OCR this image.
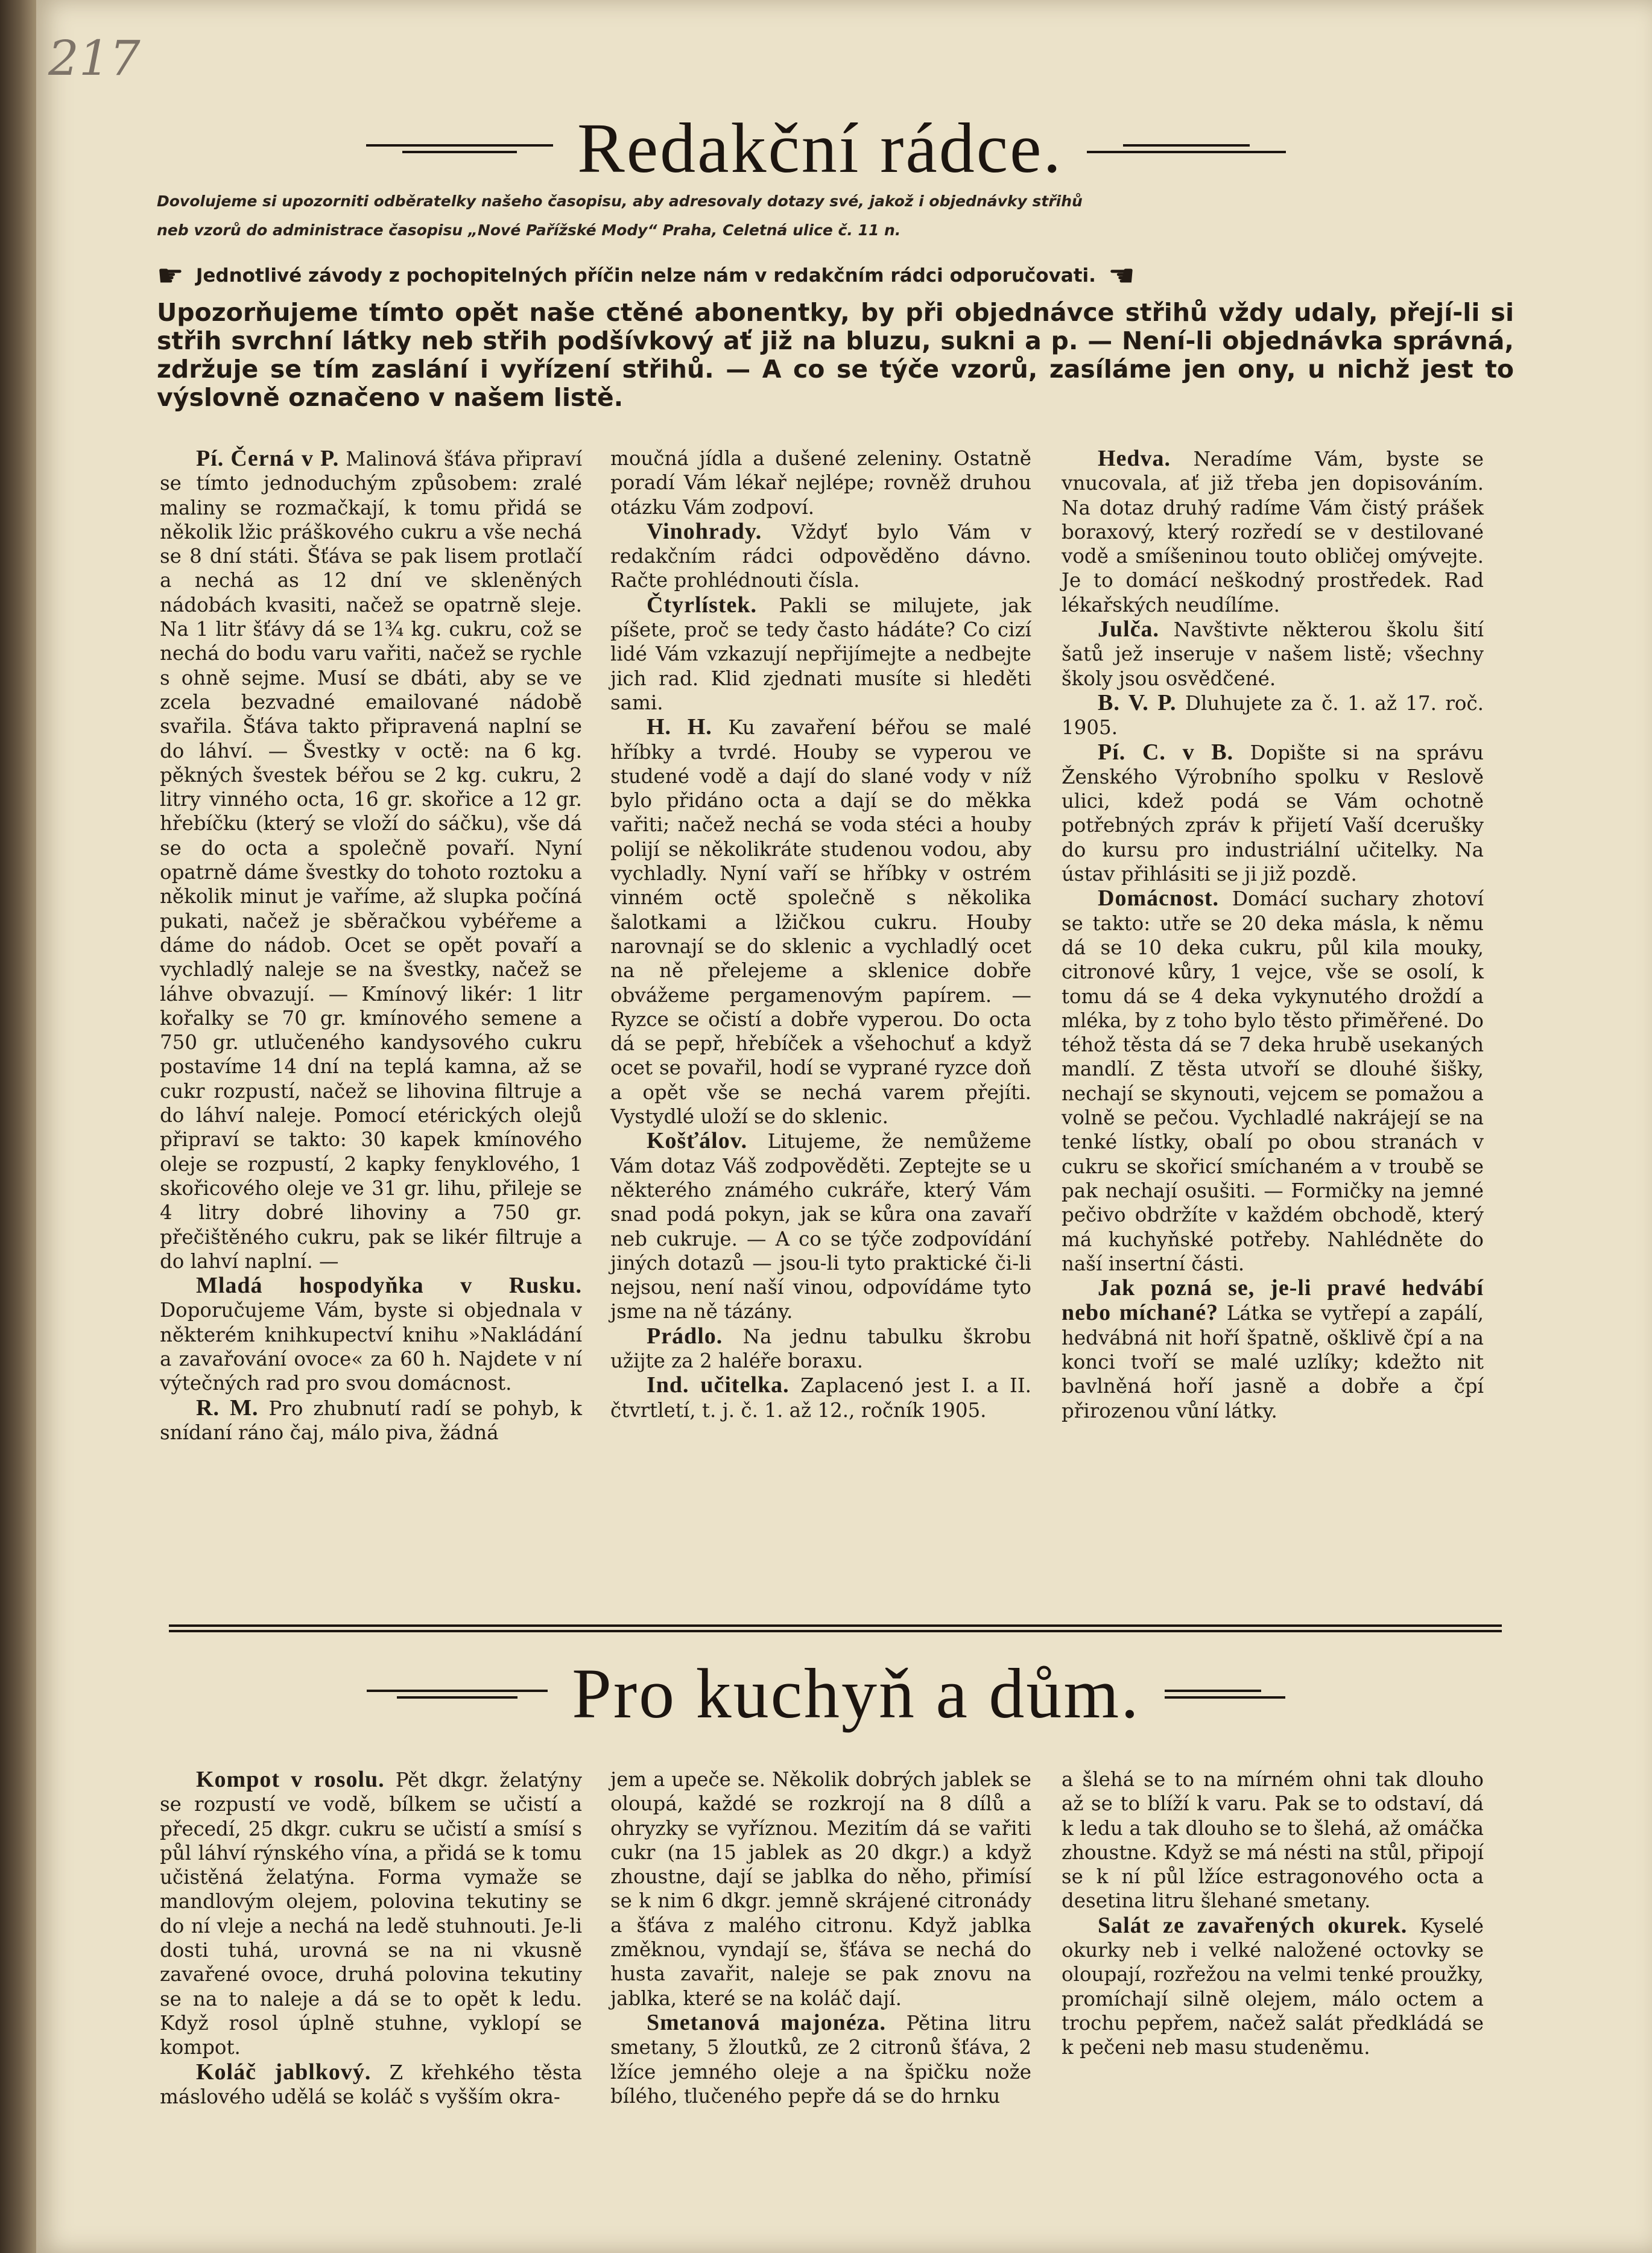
217
Redakční rádce.
Dovolujeme si upozorniti odběratelky našeho časopisu, aby adresovaly dotazy své, jakož i objednávky střihů
neb vzorů do administrace časopisu „Nové Pařížské Mody“ Praha, Celetná ulice č. 11 n.
☛ Jednotlivé závody z pochopitelných příčin nelze nám v redakčním rádci odporučovati. ☛
Upozorňujeme tímto opět naše ctěné abonentky, by při objednávce střihů vždy udaly, přejí-li si střih svrchní látky neb střih podšívkový ať již na bluzu, sukni a p. — Není-li objednávka správná, zdržuje se tím zaslání i vyřízení střihů. — A co se týče vzorů, zasíláme jen ony, u nichž jest to výslovně označeno v našem listě.

Pí. Černá v P. Malinová šťáva připraví se tímto jednoduchým způsobem: zralé maliny se rozmačkají, k tomu přidá se několik lžic práškového cukru a vše nechá se 8 dní státi. Šťáva se pak lisem protlačí a nechá as 12 dní ve skleněných nádobách kvasiti, načež se opatrně sleje. Na 1 litr šťávy dá se 1¾ kg. cukru, což se nechá do bodu varu vařiti, načež se rychle s ohně sejme. Musí se dbáti, aby se ve zcela bezvadné emailované nádobě svařila. Šťáva takto připravená naplní se do láhví. — Švestky v octě: na 6 kg. pěkných švestek béřou se 2 kg. cukru, 2 litry vinného octa, 16 gr. skořice a 12 gr. hřebíčku (který se vloží do sáčku), vše dá se do octa a společně povaří. Nyní opatrně dáme švestky do tohoto roztoku a několik minut je vaříme, až slupka počíná pukati, načež je sběračkou vybéřeme a dáme do nádob. Ocet se opět povaří a vychladlý naleje se na švestky, načež se láhve obvazují. — Kmínový likér: 1 litr kořalky se 70 gr. kmínového semene a 750 gr. utlučeného kandysového cukru postavíme 14 dní na teplá kamna, až se cukr rozpustí, načež se lihovina filtruje a do láhví naleje. Pomocí etérických olejů připraví se takto: 30 kapek kmínového oleje se rozpustí, 2 kapky fenyklového, 1 skořicového oleje ve 31 gr. lihu, přileje se 4 litry dobré lihoviny a 750 gr. přečištěného cukru, pak se likér filtruje a do lahví naplní. —

Mladá hospodyňka v Rusku. Doporučujeme Vám, byste si objednala v některém knihkupectví knihu »Nakládání a zavařování ovoce« za 60 h. Najdete v ní výtečných rad pro svou domácnost.

R. M. Pro zhubnutí radí se pohyb, k snídaní ráno čaj, málo piva, žádná

moučná jídla a dušené zeleniny. Ostatně poradí Vám lékař nejlépe; rovněž druhou otázku Vám zodpoví.

Vinohrady. Vždyť bylo Vám v redakčním rádci odpověděno dávno. Račte prohlédnouti čísla.

Čtyrlístek. Pakli se milujete, jak píšete, proč se tedy často hádáte? Co cizí lidé Vám vzkazují nepřijímejte a nedbejte jich rad. Klid zjednati musíte si hleděti sami.

H. H. Ku zavaření béřou se malé hříbky a tvrdé. Houby se vyperou ve studené vodě a dají do slané vody v níž bylo přidáno octa a dají se do měkka vařiti; načež nechá se voda stéci a houby polijí se několikráte studenou vodou, aby vychladly. Nyní vaří se hříbky v ostrém vinném octě společně s několika šalotkami a lžičkou cukru. Houby narovnají se do sklenic a vychladlý ocet na ně přelejeme a sklenice dobře obvážeme pergamenovým papírem. — Ryzce se očistí a dobře vyperou. Do octa dá se pepř, hřebíček a všehochuť a když ocet se povařil, hodí se vyprané ryzce doň a opět vše se nechá varem přejíti. Vystydlé uloží se do sklenic.

Košťálov. Litujeme, že nemůžeme Vám dotaz Váš zodpověděti. Zeptejte se u některého známého cukráře, který Vám snad podá pokyn, jak se kůra ona zavaří neb cukruje. — A co se týče zodpovídání jiných dotazů — jsou-li tyto praktické či-li nejsou, není naší vinou, odpovídáme tyto jsme na ně tázány.

Prádlo. Na jednu tabulku škrobu užijte za 2 haléře boraxu.

Ind. učitelka. Zaplacenó jest I. a II. čtvrtletí, t. j. č. 1. až 12., ročník 1905.

Hedva. Neradíme Vám, byste se vnucovala, ať již třeba jen dopisováním. Na dotaz druhý radíme Vám čistý prášek boraxový, který rozředí se v destilované vodě a smíšeninou touto obličej omývejte. Je to domácí neškodný prostředek. Rad lékařských neudílíme.

Julča. Navštivte některou školu šití šatů jež inseruje v našem listě; všechny školy jsou osvědčené.

B. V. P. Dluhujete za č. 1. až 17. roč. 1905.

Pí. C. v B. Dopište si na správu Ženského Výrobního spolku v Reslově ulici, kdež podá se Vám ochotně potřebných zpráv k přijetí Vaší dcerušky do kursu pro industriální učitelky. Na ústav přihlásiti se ji již pozdě.

Domácnost. Domácí suchary zhotoví se takto: utře se 20 deka másla, k němu dá se 10 deka cukru, půl kila mouky, citronové kůry, 1 vejce, vše se osolí, k tomu dá se 4 deka vykynutého droždí a mléka, by z toho bylo těsto přiměřené. Do téhož těsta dá se 7 deka hrubě usekaných mandlí. Z těsta utvoří se dlouhé šišky, nechají se skynouti, vejcem se pomažou a volně se pečou. Vychladlé nakrájejí se na tenké lístky, obalí po obou stranách v cukru se skořicí smíchaném a v troubě se pak nechají osušiti. — Formičky na jemné pečivo obdržíte v každém obchodě, který má kuchyňské potřeby. Nahlédněte do naší insertní části.

Jak pozná se, je-li pravé hedvábí nebo míchané? Látka se vytřepí a zapálí, hedvábná nit hoří špatně, ošklivě čpí a na konci tvoří se malé uzlíky; kdežto nit bavlněná hoří jasně a dobře a čpí přirozenou vůní látky.

Pro kuchyň a dům.

Kompot v rosolu. Pět dkgr. želatýny se rozpustí ve vodě, bílkem se učistí a přecedí, 25 dkgr. cukru se učistí a smísí s půl láhví rýnského vína, a přidá se k tomu učistěná želatýna. Forma vymaže se mandlovým olejem, polovina tekutiny se do ní vleje a nechá na ledě stuhnouti. Je-li dosti tuhá, urovná se na ni vkusně zavařené ovoce, druhá polovina tekutiny se na to naleje a dá se to opět k ledu. Když rosol úplně stuhne, vyklopí se kompot.

Koláč jablkový. Z křehkého těsta máslového udělá se koláč s vyšším okra-

jem a upeče se. Několik dobrých jablek se oloupá, každé se rozkrojí na 8 dílů a ohryzky se vyříznou. Mezitím dá se vařiti cukr (na 15 jablek as 20 dkgr.) a když zhoustne, dají se jablka do něho, přimísí se k nim 6 dkgr. jemně skrájené citronády a šťáva z malého citronu. Když jablka změknou, vyndají se, šťáva se nechá do husta zavařit, naleje se pak znovu na jablka, které se na koláč dají.

Smetanová majonéza. Pětina litru smetany, 5 žloutků, ze 2 citronů šťáva, 2 lžíce jemného oleje a na špičku nože bílého, tlučeného pepře dá se do hrnku

a šlehá se to na mírném ohni tak dlouho až se to blíží k varu. Pak se to odstaví, dá k ledu a tak dlouho se to šlehá, až omáčka zhoustne. Když se má nésti na stůl, připojí se k ní půl lžíce estragonového octa a desetina litru šlehané smetany.

Salát ze zavařených okurek. Kyselé okurky neb i velké naložené octovky se oloupají, rozřežou na velmi tenké proužky, promíchají silně olejem, málo octem a trochu pepřem, načež salát předkládá se k pečeni neb masu studeněmu.
